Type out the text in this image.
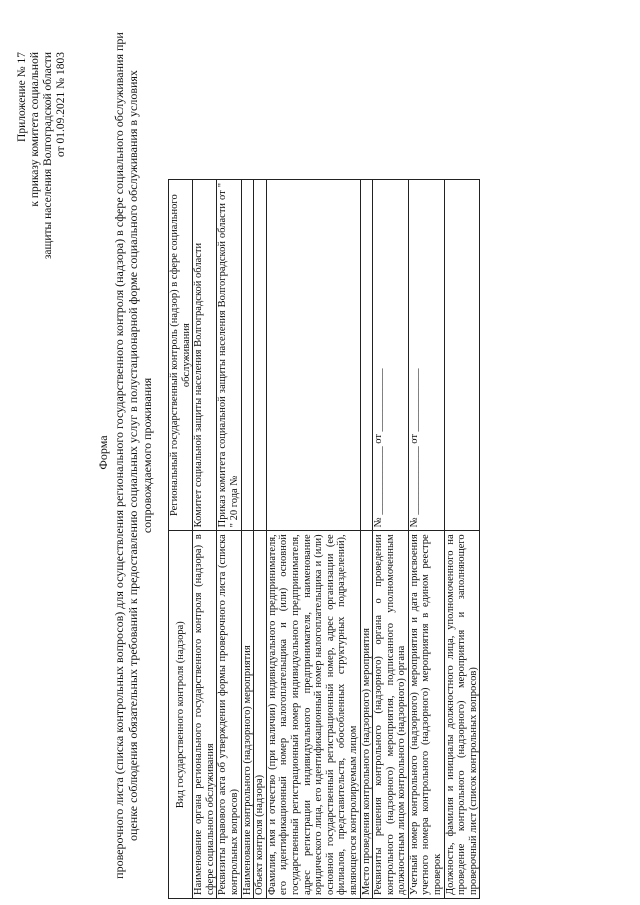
Приложение № 17 к приказу комитета социальной защиты населения Волгоградской области от 01.09.2021 № 1803
Форма проверочного листа (списка контрольных вопросов) для осуществления регионального государственного контроля (надзора) в сфере социального обслуживания при оценке соблюдения обязательных требований к предоставлению социальных услуг в полустационарной форме социального обслуживания в условиях сопровождаемого проживания
Вид государственного контроля (надзора)	Региональный государственный контроль (надзор) в сфере социального обслуживания
Наименование органа регионального государственного контроля (надзора) в сфере социального обслуживания	Комитет социальной защиты населения Волгоградской области
Реквизиты правового акта об утверждении формы проверочного листа (списка контрольных вопросов)	Приказ комитета социальной защиты населения Волгоградской области от " " 20 года №
Наименование контрольного (надзорного) мероприятия	
Объект контроля (надзора)	
Фамилия, имя и отчество (при наличии) индивидуального предпринимателя, его идентификационный номер налогоплательщика и (или) основной государственный регистрационный номер индивидуального предпринимателя, адрес регистрации индивидуального предпринимателя, наименование юридического лица, его идентификационный номер налогоплательщика и (или) основной государственный регистрационный номер, адрес организации (ее филиалов, представительств, обособленных структурных подразделений), являющегося контролируемым лицом	
Место проведения контрольного (надзорного) мероприятия	
Реквизиты решения контрольного (надзорного) органа о проведении контрольного (надзорного) мероприятия, подписанного уполномоченным должностным лицом контрольного (надзорного) органа	№ _____________ от ____________
Учетный номер контрольного (надзорного) мероприятия и дата присвоения учетного номера контрольного (надзорного) мероприятия в едином реестре проверок	№ _____________ от ____________
Должность, фамилия и инициалы должностного лица, уполномоченного на проведение контрольного (надзорного) мероприятия и заполняющего проверочный лист (список контрольных вопросов)	
